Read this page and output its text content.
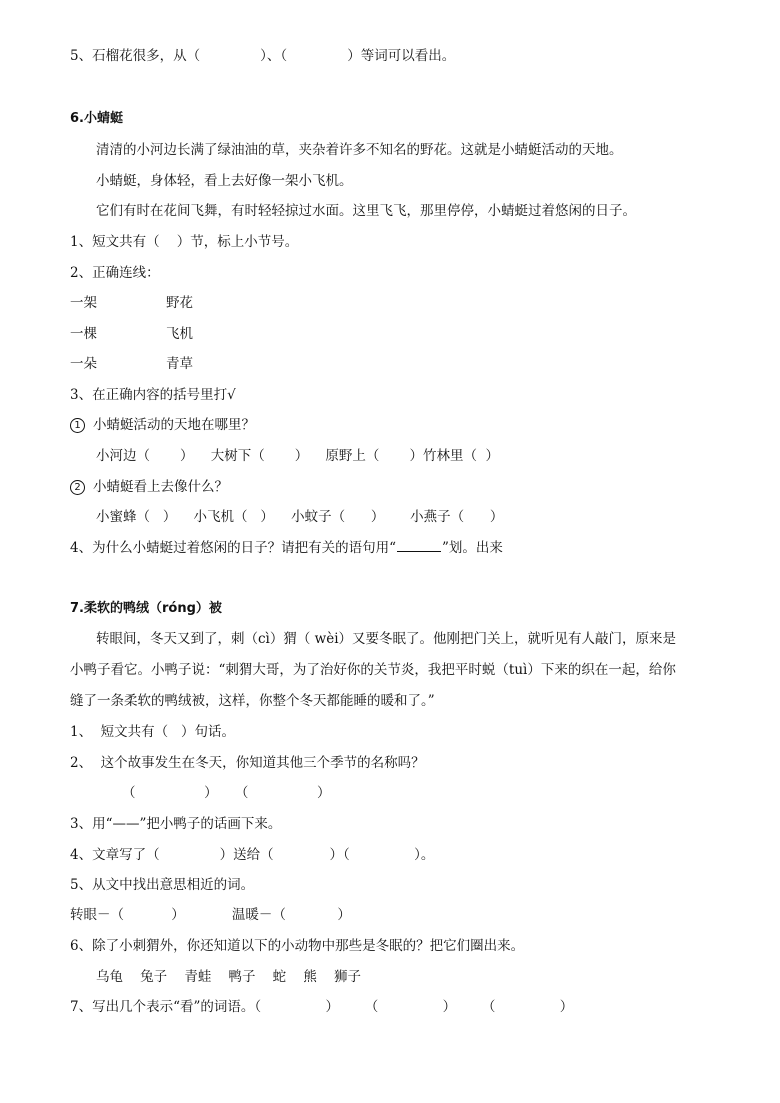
5、石榴花很多，从（              ）、（              ）等词可以看出。
6.小蜻蜓
清清的小河边长满了绿油油的草，夹杂着许多不知名的野花。这就是小蜻蜓活动的天地。
小蜻蜓，身体轻，看上去好像一架小飞机。
它们有时在花间飞舞，有时轻轻掠过水面。这里飞飞，那里停停，小蜻蜓过着悠闲的日子。
1、短文共有（    ）节，标上小节号。
2、正确连线：
一架	野花
一棵	飞机
一朵	青草
3、在正确内容的括号里打√
1 小蜻蜓活动的天地在哪里？
小河边（       ）    大树下（       ）    原野上（       ）竹林里（  ）
2 小蜻蜓看上去像什么？
小蜜蜂（   ）    小飞机（   ）    小蚊子（      ）      小燕子（      ）
4、为什么小蜻蜓过着悠闲的日子？请把有关的语句用“	”划。出来
7.柔软的鸭绒（róng）被
转眼间，冬天又到了，刺（cì）猬（ wèi）又要冬眠了。他刚把门关上，就听见有人敲门，原来是
小鸭子看它。小鸭子说：“刺猬大哥，为了治好你的关节炎，我把平时蜕（tuì）下来的织在一起，给你
缝了一条柔软的鸭绒被，这样，你整个冬天都能睡的暖和了。”
1、  短文共有（   ）句话。
2、  这个故事发生在冬天，你知道其他三个季节的名称吗？
（                ）    （                ）
3、用“——”把小鸭子的话画下来。
4、文章写了（              ）送给（             ）（               ）。
5、从文中找出意思相近的词。
转眼－（           ）           温暖－（            ）
6、除了小刺猬外，你还知道以下的小动物中那些是冬眠的？把它们圈出来。
乌龟    兔子    青蛙    鸭子    蛇    熊    狮子
7、写出几个表示“看”的词语。（               ）      （               ）      （               ）
